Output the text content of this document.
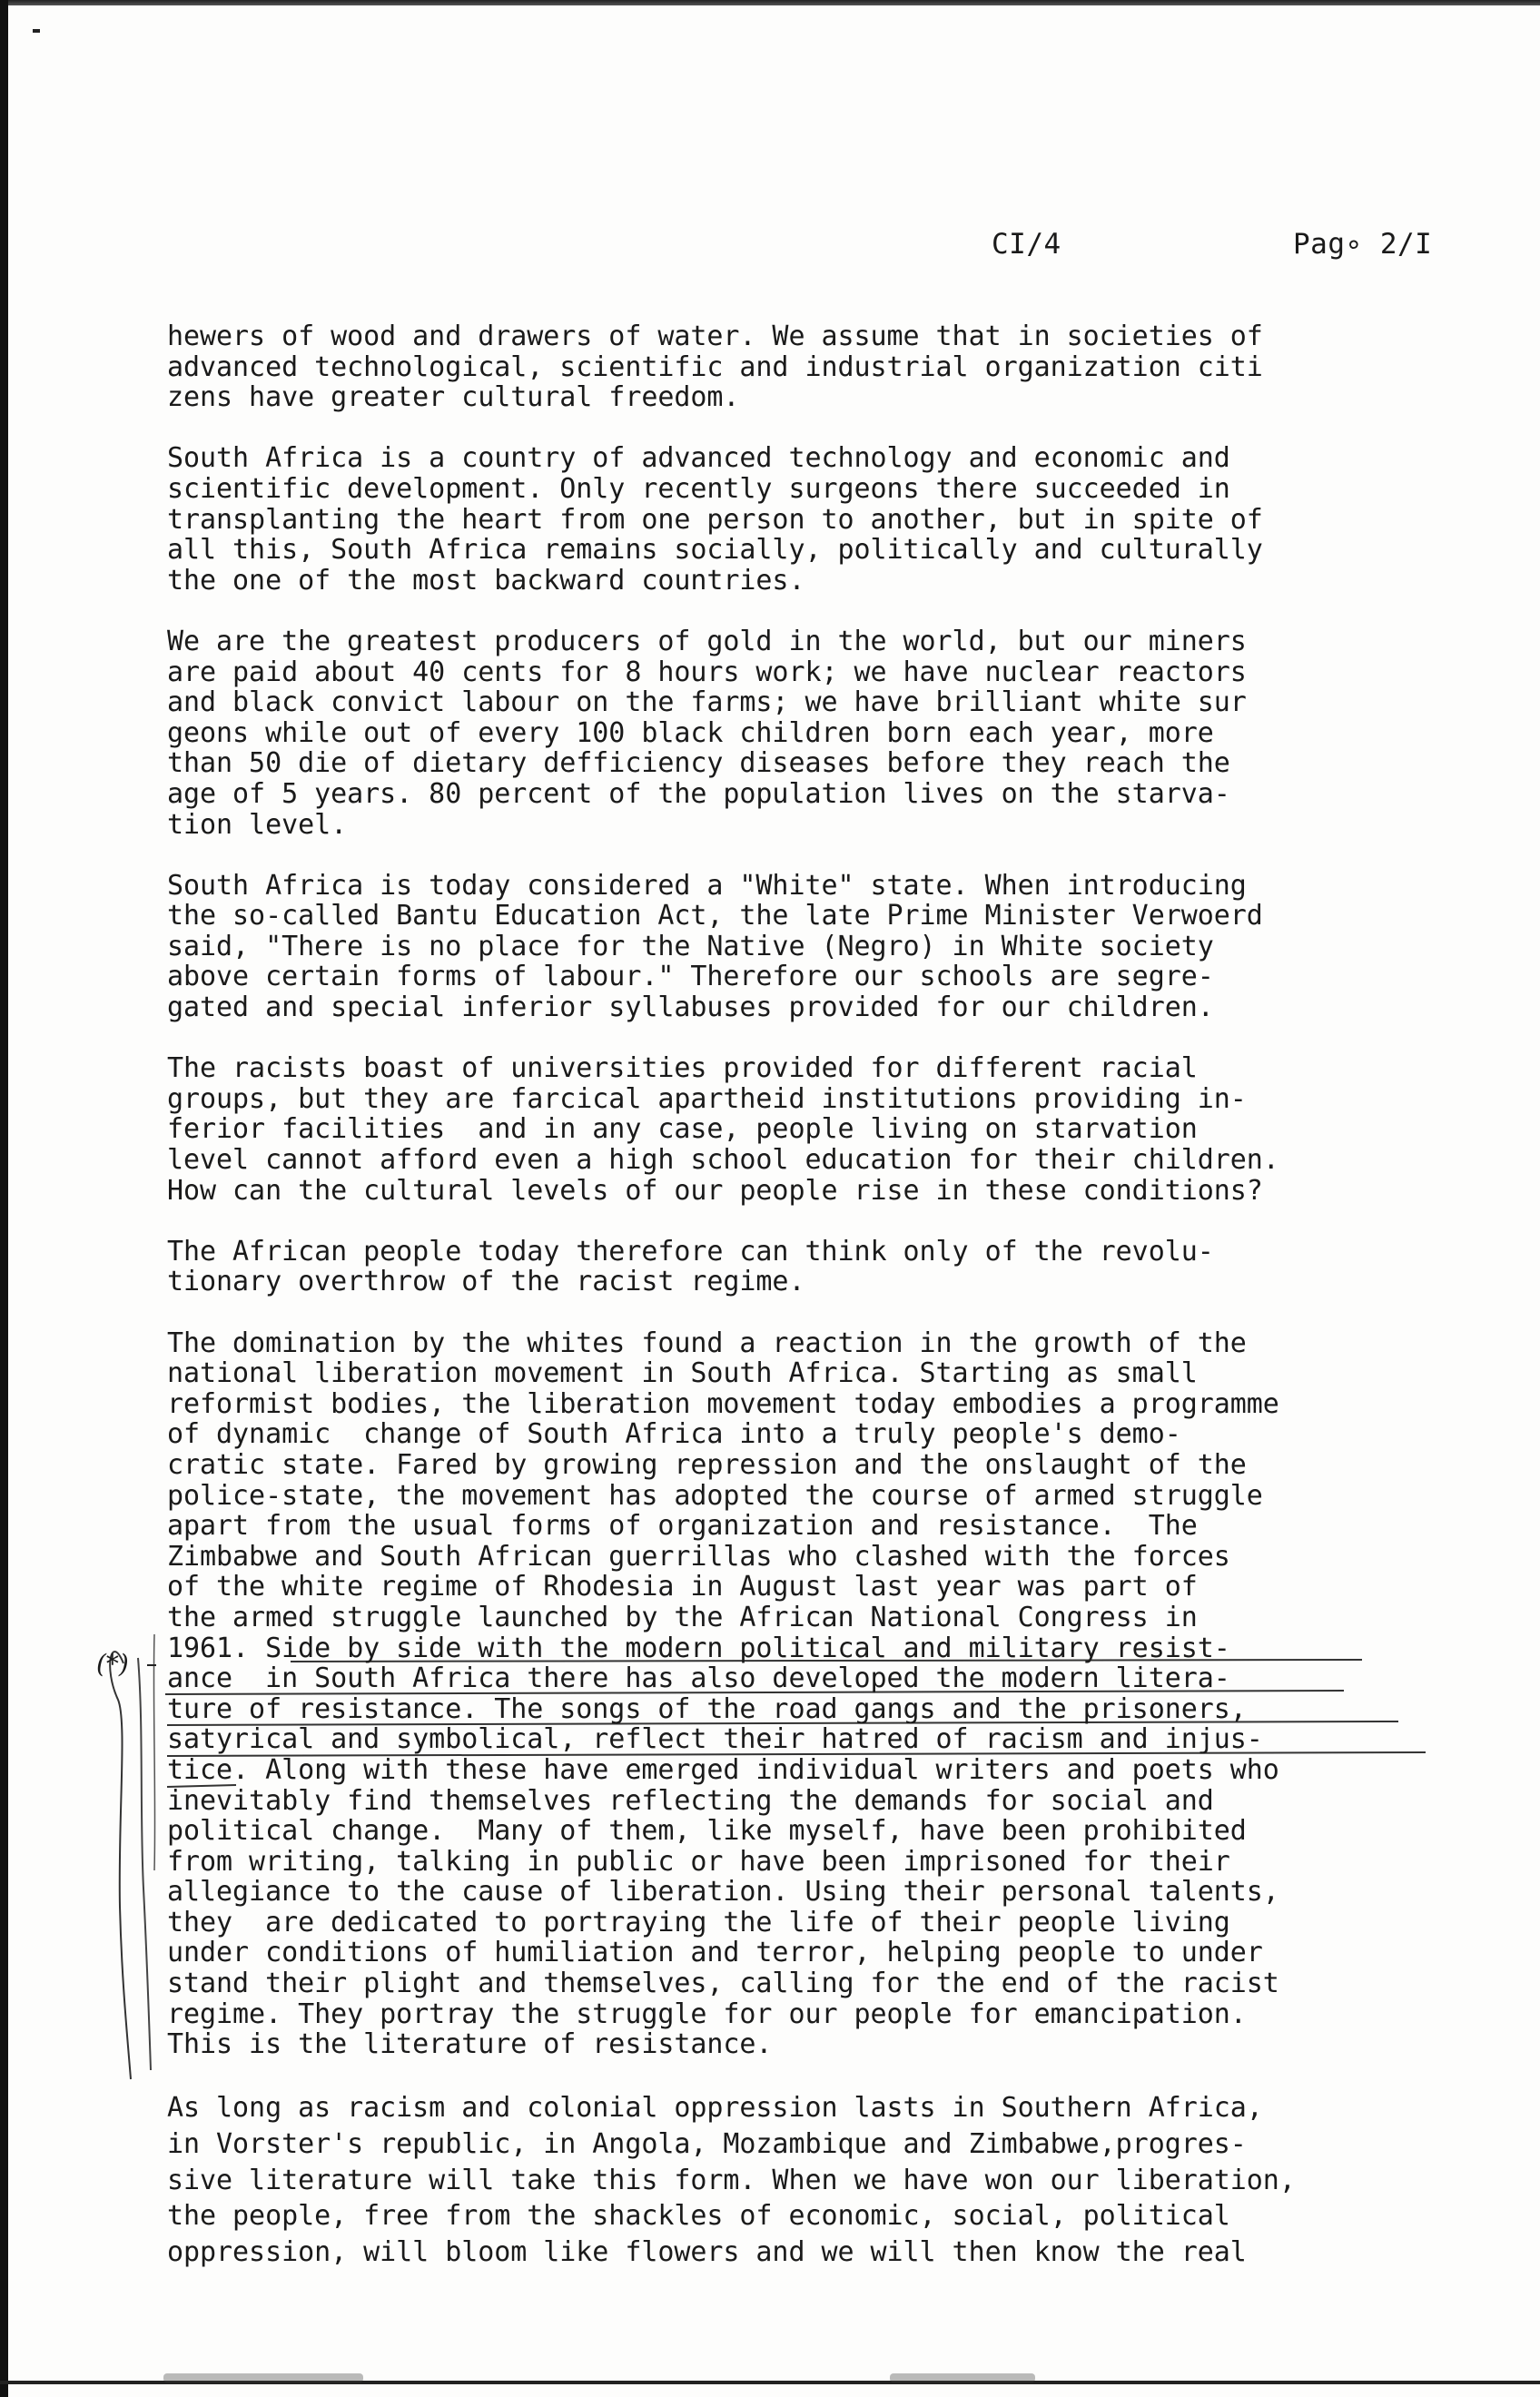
CI/4	Pag∘ 2/I
(*)
hewers of wood and drawers of water. We assume that in societies of
advanced technological, scientific and industrial organization citi
zens have greater cultural freedom.
South Africa is a country of advanced technology and economic and
scientific development. Only recently surgeons there succeeded in
transplanting the heart from one person to another, but in spite of
all this, South Africa remains socially, politically and culturally
the one of the most backward countries.
We are the greatest producers of gold in the world, but our miners
are paid about 40 cents for 8 hours work; we have nuclear reactors
and black convict labour on the farms; we have brilliant white sur
geons while out of every 100 black children born each year, more
than 50 die of dietary defficiency diseases before they reach the
age of 5 years. 80 percent of the population lives on the starva-
tion level.
South Africa is today considered a "White" state. When introducing
the so-called Bantu Education Act, the late Prime Minister Verwoerd
said, "There is no place for the Native (Negro) in White society
above certain forms of labour." Therefore our schools are segre-
gated and special inferior syllabuses provided for our children.
The racists boast of universities provided for different racial
groups, but they are farcical apartheid institutions providing in-
ferior facilities  and in any case, people living on starvation
level cannot afford even a high school education for their children.
How can the cultural levels of our people rise in these conditions?
The African people today therefore can think only of the revolu-
tionary overthrow of the racist regime.
The domination by the whites found a reaction in the growth of the
national liberation movement in South Africa. Starting as small
reformist bodies, the liberation movement today embodies a programme
of dynamic  change of South Africa into a truly people's demo-
cratic state. Fared by growing repression and the onslaught of the
police-state, the movement has adopted the course of armed struggle
apart from the usual forms of organization and resistance.  The
Zimbabwe and South African guerrillas who clashed with the forces
of the white regime of Rhodesia in August last year was part of
the armed struggle launched by the African National Congress in
1961. Side by side with the modern political and military resist-
ance  in South Africa there has also developed the modern litera-
ture of resistance. The songs of the road gangs and the prisoners,
satyrical and symbolical, reflect their hatred of racism and injus-
tice. Along with these have emerged individual writers and poets who
inevitably find themselves reflecting the demands for social and
political change.  Many of them, like myself, have been prohibited
from writing, talking in public or have been imprisoned for their
allegiance to the cause of liberation. Using their personal talents,
they  are dedicated to portraying the life of their people living
under conditions of humiliation and terror, helping people to under
stand their plight and themselves, calling for the end of the racist
regime. They portray the struggle for our people for emancipation.
This is the literature of resistance.
As long as racism and colonial oppression lasts in Southern Africa,
in Vorster's republic, in Angola, Mozambique and Zimbabwe,progres-
sive literature will take this form. When we have won our liberation,
the people, free from the shackles of economic, social, political
oppression, will bloom like flowers and we will then know the real
